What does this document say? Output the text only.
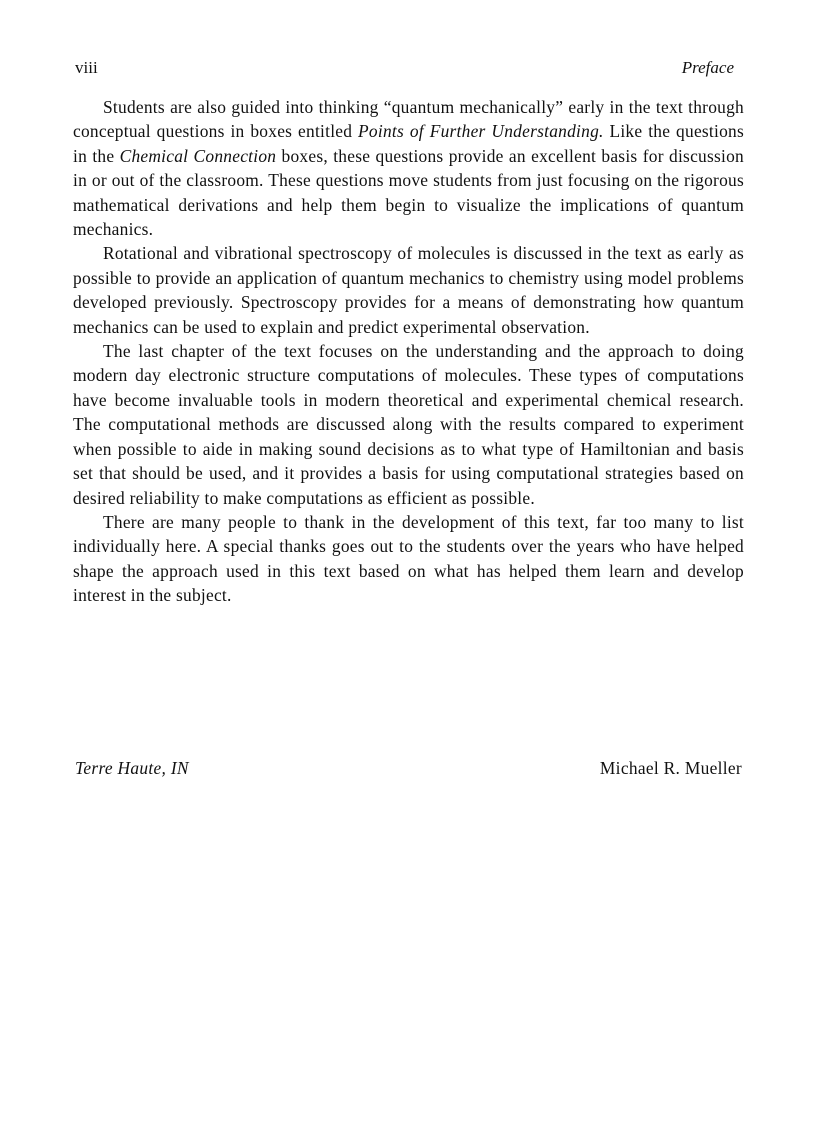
viii	Preface

Students are also guided into thinking “quantum mechanically” early in the text through conceptual questions in boxes entitled Points of Further Understanding. Like the questions in the Chemical Connection boxes, these questions provide an excellent basis for discussion in or out of the classroom. These questions move students from just focusing on the rigorous mathematical derivations and help them begin to visualize the implications of quantum mechanics.

Rotational and vibrational spectroscopy of molecules is discussed in the text as early as possible to provide an application of quantum mechanics to chemistry using model problems developed previously. Spectroscopy provides for a means of demonstrating how quantum mechanics can be used to explain and predict experimental observation.

The last chapter of the text focuses on the understanding and the approach to doing modern day electronic structure computations of molecules. These types of computations have become invaluable tools in modern theoretical and experimental chemical research. The computational methods are discussed along with the results compared to experiment when possible to aide in making sound decisions as to what type of Hamiltonian and basis set that should be used, and it provides a basis for using computational strategies based on desired reliability to make computations as efficient as possible.

There are many people to thank in the development of this text, far too many to list individually here. A special thanks goes out to the students over the years who have helped shape the approach used in this text based on what has helped them learn and develop interest in the subject.

Terre Haute, IN	Michael R. Mueller
